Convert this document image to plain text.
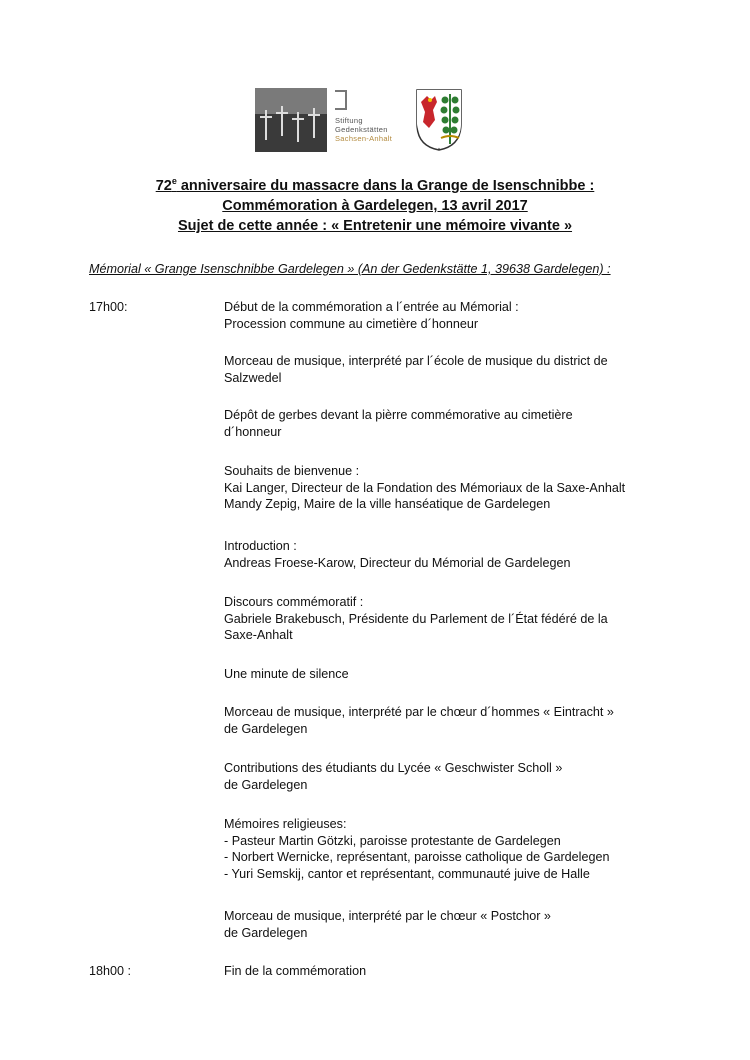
Stiftung
Gedenkstätten
Sachsen-Anhalt
72e anniversaire du massacre dans la Grange de Isenschnibbe :
Commémoration à Gardelegen, 13 avril 2017
Sujet de cette année : « Entretenir une mémoire vivante »
Mémorial « Grange Isenschnibbe Gardelegen » (An der Gedenkstätte 1, 39638 Gardelegen) :
17h00:	Début de la commémoration a l´entrée au Mémorial :
Procession commune au cimetière d´honneur
Morceau de musique, interprété par l´école de musique du district de
Salzwedel
Dépôt de gerbes devant la pièrre commémorative au cimetière
d´honneur
Souhaits de bienvenue :
Kai Langer, Directeur de la Fondation des Mémoriaux de la Saxe-Anhalt
Mandy Zepig, Maire de la ville hanséatique de Gardelegen
Introduction :
Andreas Froese-Karow, Directeur du Mémorial de Gardelegen
Discours commémoratif :
Gabriele Brakebusch, Présidente du Parlement de l´État fédéré de la
Saxe-Anhalt
Une minute de silence
Morceau de musique, interprété par le chœur d´hommes « Eintracht »
de Gardelegen
Contributions des étudiants du Lycée « Geschwister Scholl »
de Gardelegen
Mémoires religieuses:
- Pasteur Martin Götzki, paroisse protestante de Gardelegen
- Norbert Wernicke, représentant, paroisse catholique de Gardelegen
- Yuri Semskij, cantor et représentant, communauté juive de Halle
Morceau de musique, interprété par le chœur « Postchor »
de Gardelegen
18h00 :	Fin de la commémoration
